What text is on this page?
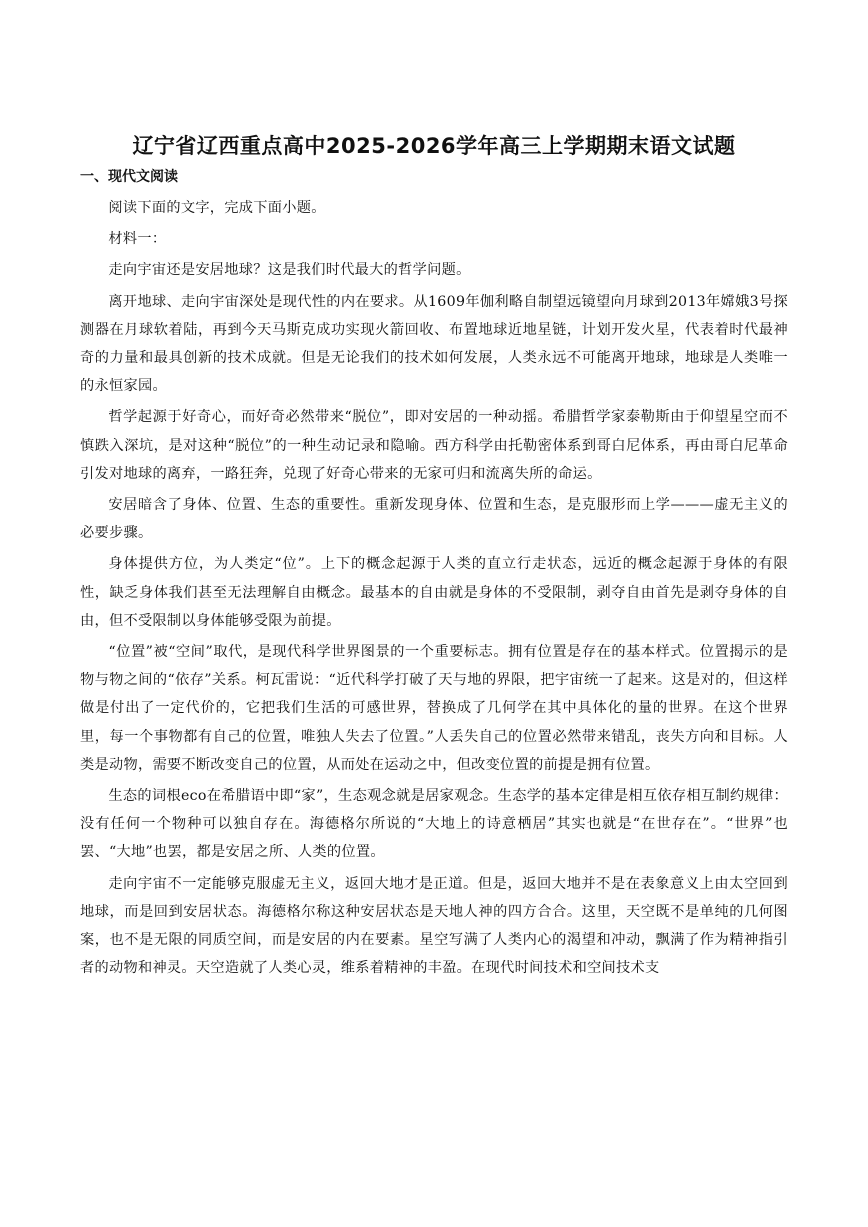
辽宁省辽西重点高中2025-2026学年高三上学期期末语文试题
一、现代文阅读

阅读下面的文字，完成下面小题。

材料一：

走向宇宙还是安居地球？这是我们时代最大的哲学问题。

离开地球、走向宇宙深处是现代性的内在要求。从1609年伽利略自制望远镜望向月球到2013年嫦娥3号探测器在月球软着陆，再到今天马斯克成功实现火箭回收、布置地球近地星链，计划开发火星，代表着时代最神奇的力量和最具创新的技术成就。但是无论我们的技术如何发展，人类永远不可能离开地球，地球是人类唯一的永恒家园。

哲学起源于好奇心，而好奇必然带来“脱位”，即对安居的一种动摇。希腊哲学家泰勒斯由于仰望星空而不慎跌入深坑，是对这种“脱位”的一种生动记录和隐喻。西方科学由托勒密体系到哥白尼体系，再由哥白尼革命引发对地球的离弃，一路狂奔，兑现了好奇心带来的无家可归和流离失所的命运。

安居暗含了身体、位置、生态的重要性。重新发现身体、位置和生态，是克服形而上学———虚无主义的必要步骤。

身体提供方位，为人类定“位”。上下的概念起源于人类的直立行走状态，远近的概念起源于身体的有限性，缺乏身体我们甚至无法理解自由概念。最基本的自由就是身体的不受限制，剥夺自由首先是剥夺身体的自由，但不受限制以身体能够受限为前提。

“位置”被“空间”取代，是现代科学世界图景的一个重要标志。拥有位置是存在的基本样式。位置揭示的是物与物之间的“依存”关系。柯瓦雷说：“近代科学打破了天与地的界限，把宇宙统一了起来。这是对的，但这样做是付出了一定代价的，它把我们生活的可感世界，替换成了几何学在其中具体化的量的世界。在这个世界里，每一个事物都有自己的位置，唯独人失去了位置。”人丢失自己的位置必然带来错乱，丧失方向和目标。人类是动物，需要不断改变自己的位置，从而处在运动之中，但改变位置的前提是拥有位置。

生态的词根eco在希腊语中即“家”，生态观念就是居家观念。生态学的基本定律是相互依存相互制约规律：没有任何一个物种可以独自存在。海德格尔所说的“大地上的诗意栖居”其实也就是“在世存在”。“世界”也罢、“大地”也罢，都是安居之所、人类的位置。

走向宇宙不一定能够克服虚无主义，返回大地才是正道。但是，返回大地并不是在表象意义上由太空回到地球，而是回到安居状态。海德格尔称这种安居状态是天地人神的四方合合。这里，天空既不是单纯的几何图案，也不是无限的同质空间，而是安居的内在要素。星空写满了人类内心的渴望和冲动，飘满了作为精神指引者的动物和神灵。天空造就了人类心灵，维系着精神的丰盈。在现代时间技术和空间技术支
